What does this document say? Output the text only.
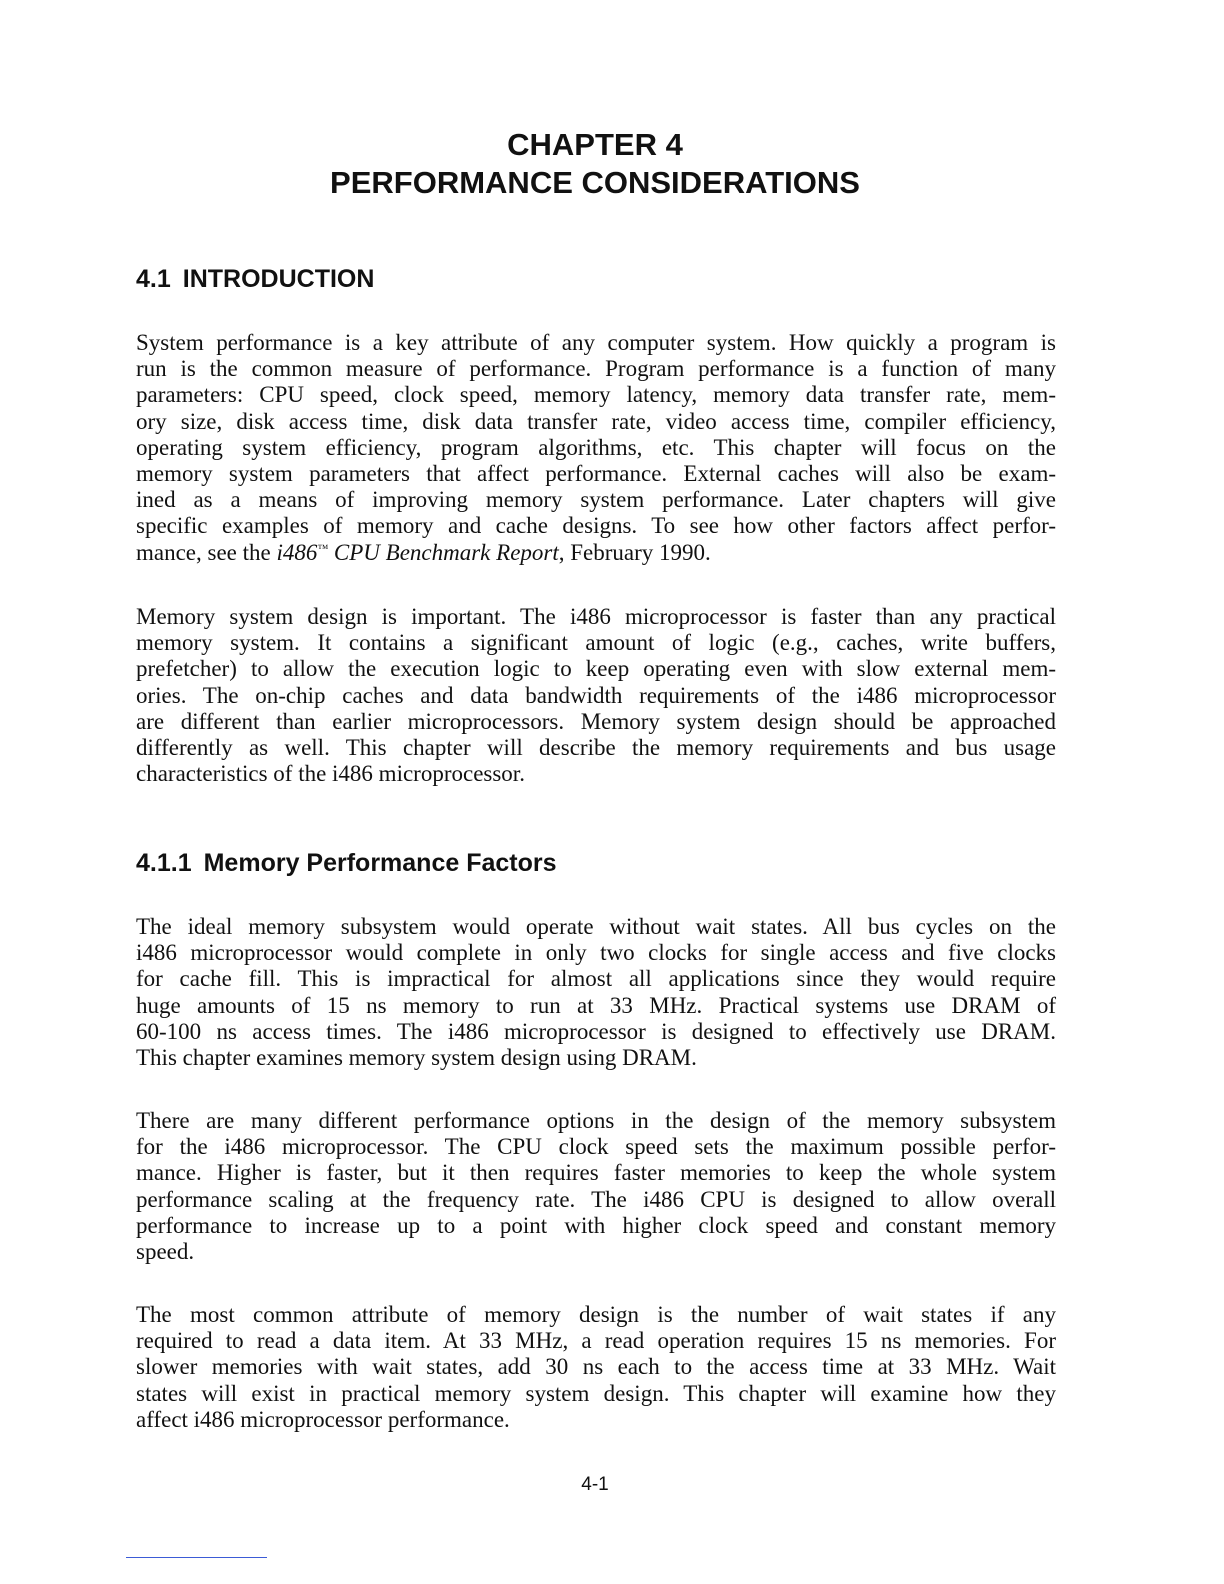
CHAPTER 4
PERFORMANCE CONSIDERATIONS
4.1 INTRODUCTION
System performance is a key attribute of any computer system. How quickly a program is
run is the common measure of performance. Program performance is a function of many
parameters: CPU speed, clock speed, memory latency, memory data transfer rate, mem-
ory size, disk access time, disk data transfer rate, video access time, compiler efficiency,
operating system efficiency, program algorithms, etc. This chapter will focus on the
memory system parameters that affect performance. External caches will also be exam-
ined as a means of improving memory system performance. Later chapters will give
specific examples of memory and cache designs. To see how other factors affect perfor-
mance, see the i486™ CPU Benchmark Report, February 1990.
Memory system design is important. The i486 microprocessor is faster than any practical
memory system. It contains a significant amount of logic (e.g., caches, write buffers,
prefetcher) to allow the execution logic to keep operating even with slow external mem-
ories. The on-chip caches and data bandwidth requirements of the i486 microprocessor
are different than earlier microprocessors. Memory system design should be approached
differently as well. This chapter will describe the memory requirements and bus usage
characteristics of the i486 microprocessor.
4.1.1 Memory Performance Factors
The ideal memory subsystem would operate without wait states. All bus cycles on the
i486 microprocessor would complete in only two clocks for single access and five clocks
for cache fill. This is impractical for almost all applications since they would require
huge amounts of 15 ns memory to run at 33 MHz. Practical systems use DRAM of
60-100 ns access times. The i486 microprocessor is designed to effectively use DRAM.
This chapter examines memory system design using DRAM.
There are many different performance options in the design of the memory subsystem
for the i486 microprocessor. The CPU clock speed sets the maximum possible perfor-
mance. Higher is faster, but it then requires faster memories to keep the whole system
performance scaling at the frequency rate. The i486 CPU is designed to allow overall
performance to increase up to a point with higher clock speed and constant memory
speed.
The most common attribute of memory design is the number of wait states if any
required to read a data item. At 33 MHz, a read operation requires 15 ns memories. For
slower memories with wait states, add 30 ns each to the access time at 33 MHz. Wait
states will exist in practical memory system design. This chapter will examine how they
affect i486 microprocessor performance.
4-1
